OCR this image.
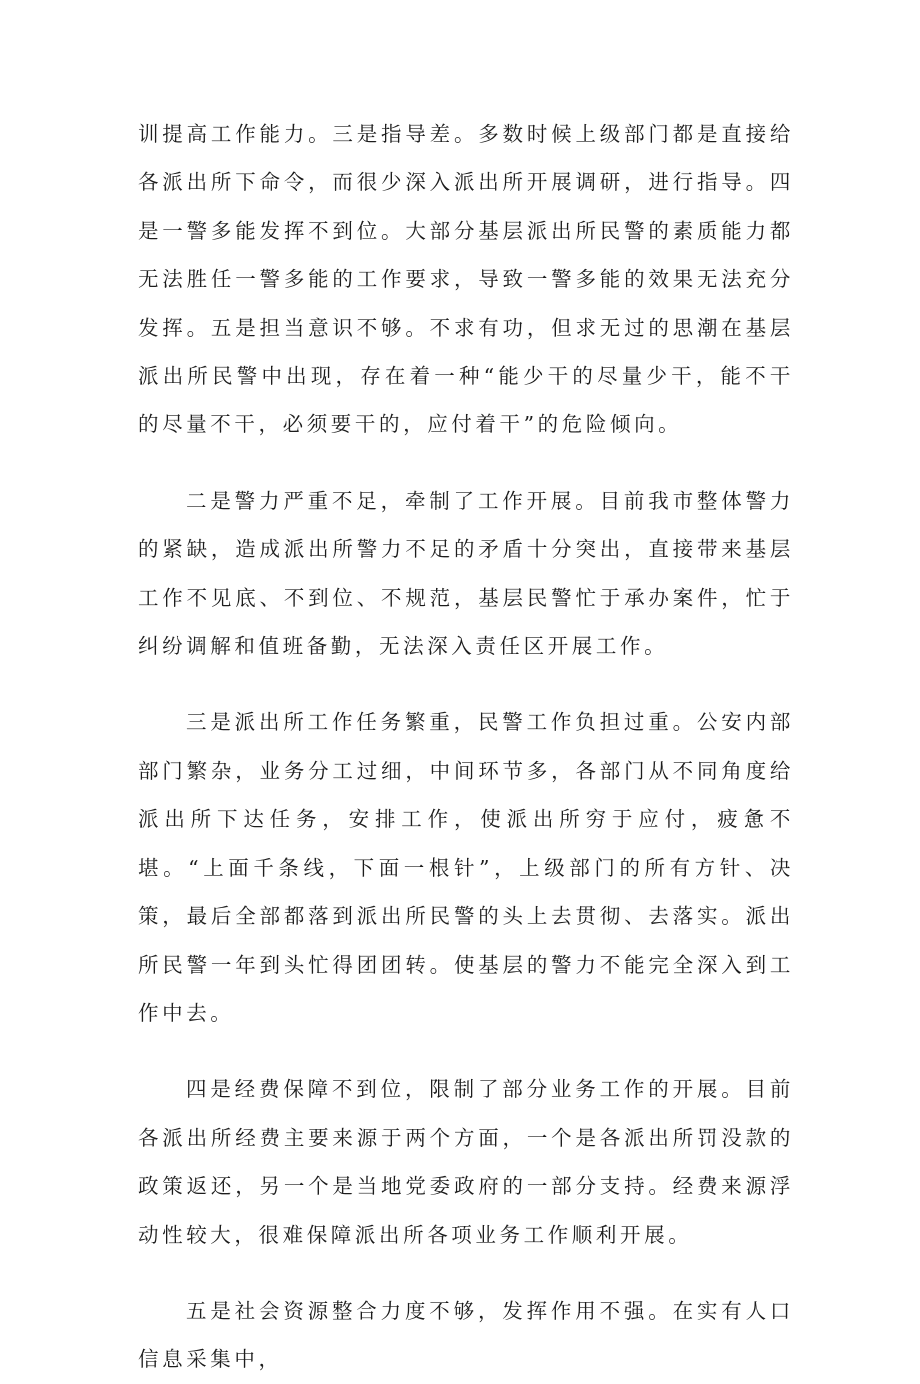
训提高工作能力。三是指导差。多数时候上级部门都是直接给各派出所下命令，而很少深入派出所开展调研，进行指导。四是一警多能发挥不到位。大部分基层派出所民警的素质能力都无法胜任一警多能的工作要求，导致一警多能的效果无法充分发挥。五是担当意识不够。不求有功，但求无过的思潮在基层派出所民警中出现，存在着一种“能少干的尽量少干，能不干的尽量不干，必须要干的，应付着干”的危险倾向。

二是警力严重不足，牵制了工作开展。目前我市整体警力的紧缺，造成派出所警力不足的矛盾十分突出，直接带来基层工作不见底、不到位、不规范，基层民警忙于承办案件，忙于纠纷调解和值班备勤，无法深入责任区开展工作。

三是派出所工作任务繁重，民警工作负担过重。公安内部部门繁杂，业务分工过细，中间环节多，各部门从不同角度给派出所下达任务，安排工作，使派出所穷于应付，疲惫不堪。“上面千条线，下面一根针”，上级部门的所有方针、决策，最后全部都落到派出所民警的头上去贯彻、去落实。派出所民警一年到头忙得团团转。使基层的警力不能完全深入到工作中去。

四是经费保障不到位，限制了部分业务工作的开展。目前各派出所经费主要来源于两个方面，一个是各派出所罚没款的政策返还，另一个是当地党委政府的一部分支持。经费来源浮动性较大，很难保障派出所各项业务工作顺利开展。

五是社会资源整合力度不够，发挥作用不强。在实有人口信息采集中，
